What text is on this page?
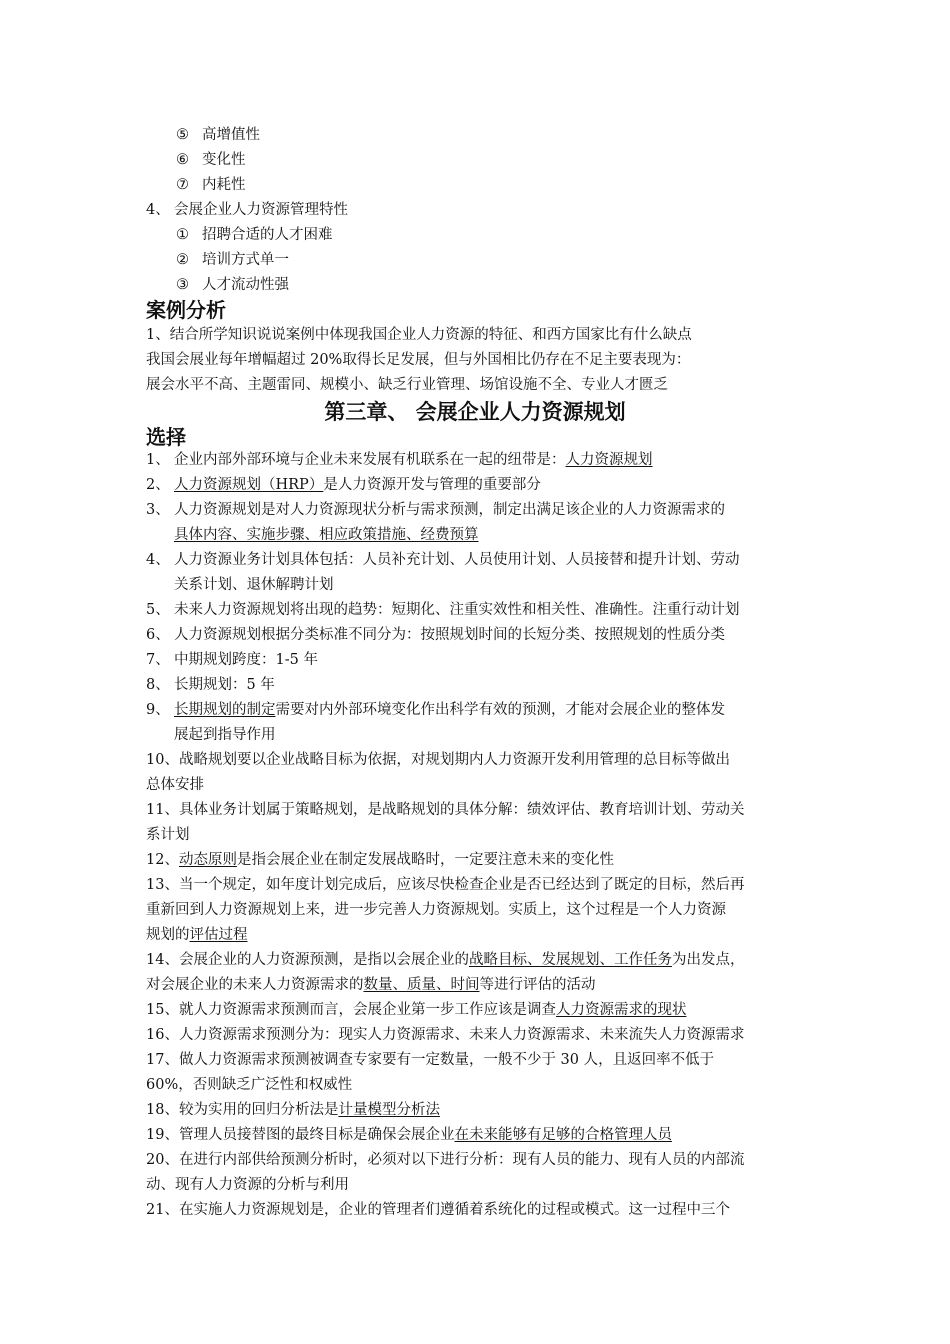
⑤ 高增值性
⑥ 变化性
⑦ 内耗性
4、 会展企业人力资源管理特性
① 招聘合适的人才困难
② 培训方式单一
③ 人才流动性强
案例分析
1、结合所学知识说说案例中体现我国企业人力资源的特征、和西方国家比有什么缺点
我国会展业每年增幅超过 20%取得长足发展，但与外国相比仍存在不足主要表现为：
展会水平不高、主题雷同、规模小、缺乏行业管理、场馆设施不全、专业人才匮乏
第三章、 会展企业人力资源规划
选择
1、 企业内部外部环境与企业未来发展有机联系在一起的纽带是：人力资源规划
2、 人力资源规划（HRP）是人力资源开发与管理的重要部分
3、 人力资源规划是对人力资源现状分析与需求预测，制定出满足该企业的人力资源需求的
具体内容、实施步骤、相应政策措施、经费预算
4、 人力资源业务计划具体包括：人员补充计划、人员使用计划、人员接替和提升计划、劳动
关系计划、退休解聘计划
5、 未来人力资源规划将出现的趋势：短期化、注重实效性和相关性、准确性。注重行动计划
6、 人力资源规划根据分类标准不同分为：按照规划时间的长短分类、按照规划的性质分类
7、 中期规划跨度：1-5 年
8、 长期规划：5 年
9、 长期规划的制定需要对内外部环境变化作出科学有效的预测，才能对会展企业的整体发
展起到指导作用
10、战略规划要以企业战略目标为依据，对规划期内人力资源开发利用管理的总目标等做出
总体安排
11、具体业务计划属于策略规划，是战略规划的具体分解：绩效评估、教育培训计划、劳动关
系计划
12、动态原则是指会展企业在制定发展战略时，一定要注意未来的变化性
13、当一个规定，如年度计划完成后，应该尽快检查企业是否已经达到了既定的目标，然后再
重新回到人力资源规划上来，进一步完善人力资源规划。实质上，这个过程是一个人力资源
规划的评估过程
14、会展企业的人力资源预测，是指以会展企业的战略目标、发展规划、工作任务为出发点，
对会展企业的未来人力资源需求的数量、质量、时间等进行评估的活动
15、就人力资源需求预测而言，会展企业第一步工作应该是调查人力资源需求的现状
16、人力资源需求预测分为：现实人力资源需求、未来人力资源需求、未来流失人力资源需求
17、做人力资源需求预测被调查专家要有一定数量，一般不少于 30 人，且返回率不低于
60%，否则缺乏广泛性和权威性
18、较为实用的回归分析法是计量模型分析法
19、管理人员接替图的最终目标是确保会展企业在未来能够有足够的合格管理人员
20、在进行内部供给预测分析时，必须对以下进行分析：现有人员的能力、现有人员的内部流
动、现有人力资源的分析与利用
21、在实施人力资源规划是，企业的管理者们遵循着系统化的过程或模式。这一过程中三个
